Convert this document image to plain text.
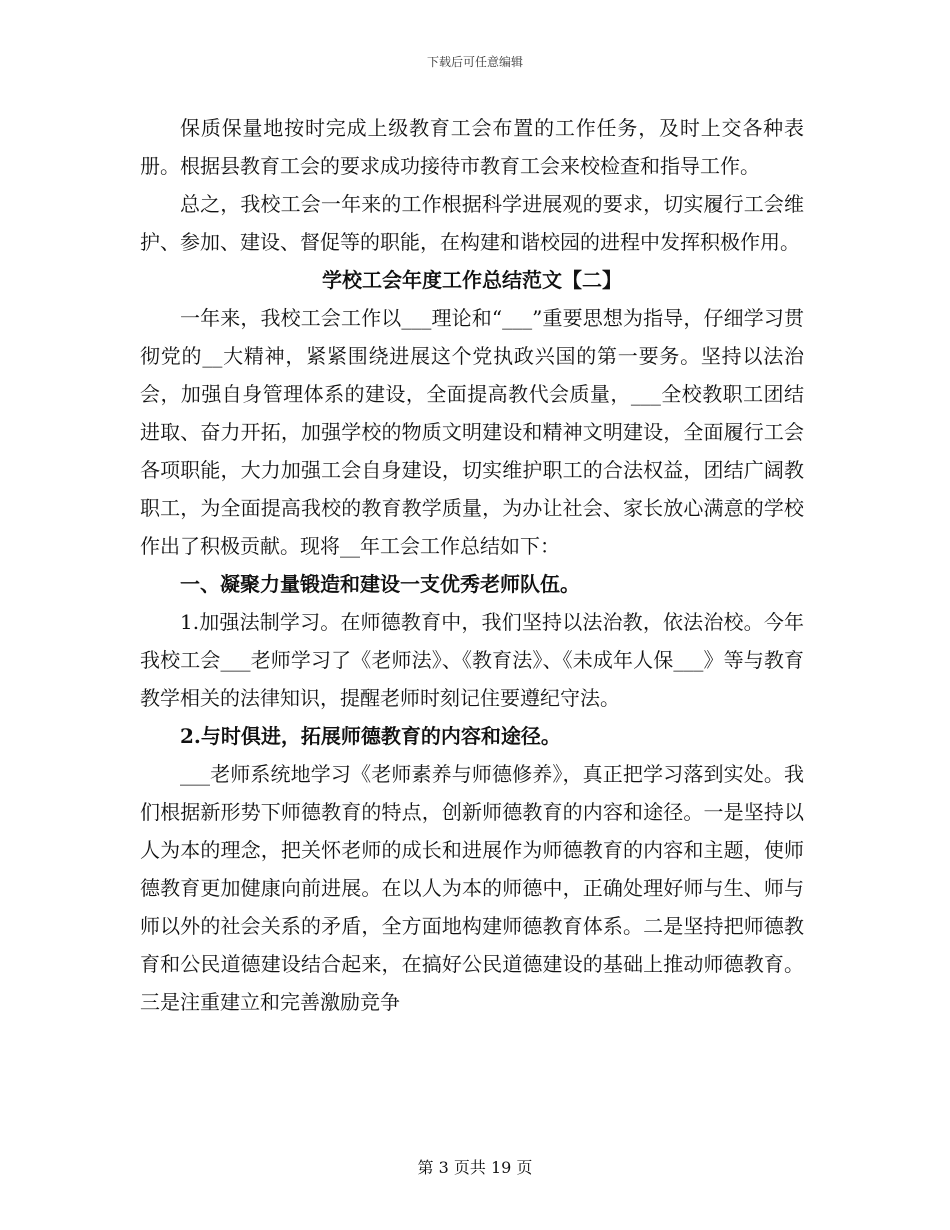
下载后可任意编辑

保质保量地按时完成上级教育工会布置的工作任务，及时上交各种表册。根据县教育工会的要求成功接待市教育工会来校检查和指导工作。

总之，我校工会一年来的工作根据科学进展观的要求，切实履行工会维护、参加、建设、督促等的职能，在构建和谐校园的进程中发挥积极作用。

学校工会年度工作总结范文【二】

一年来，我校工会工作以___理论和“___”重要思想为指导，仔细学习贯彻党的__大精神，紧紧围绕进展这个党执政兴国的第一要务。坚持以法治会，加强自身管理体系的建设，全面提高教代会质量，___全校教职工团结进取、奋力开拓，加强学校的物质文明建设和精神文明建设，全面履行工会各项职能，大力加强工会自身建设，切实维护职工的合法权益，团结广阔教职工，为全面提高我校的教育教学质量，为办让社会、家长放心满意的学校作出了积极贡献。现将__年工会工作总结如下：

一、凝聚力量锻造和建设一支优秀老师队伍。

1.加强法制学习。在师德教育中，我们坚持以法治教，依法治校。今年我校工会___老师学习了《老师法》、《教育法》、《未成年人保___》等与教育教学相关的法律知识，提醒老师时刻记住要遵纪守法。

2.与时俱进，拓展师德教育的内容和途径。

___老师系统地学习《老师素养与师德修养》，真正把学习落到实处。我们根据新形势下师德教育的特点，创新师德教育的内容和途径。一是坚持以人为本的理念，把关怀老师的成长和进展作为师德教育的内容和主题，使师德教育更加健康向前进展。在以人为本的师德中，正确处理好师与生、师与师以外的社会关系的矛盾，全方面地构建师德教育体系。二是坚持把师德教育和公民道德建设结合起来，在搞好公民道德建设的基础上推动师德教育。三是注重建立和完善激励竞争

第 3 页共 19 页
